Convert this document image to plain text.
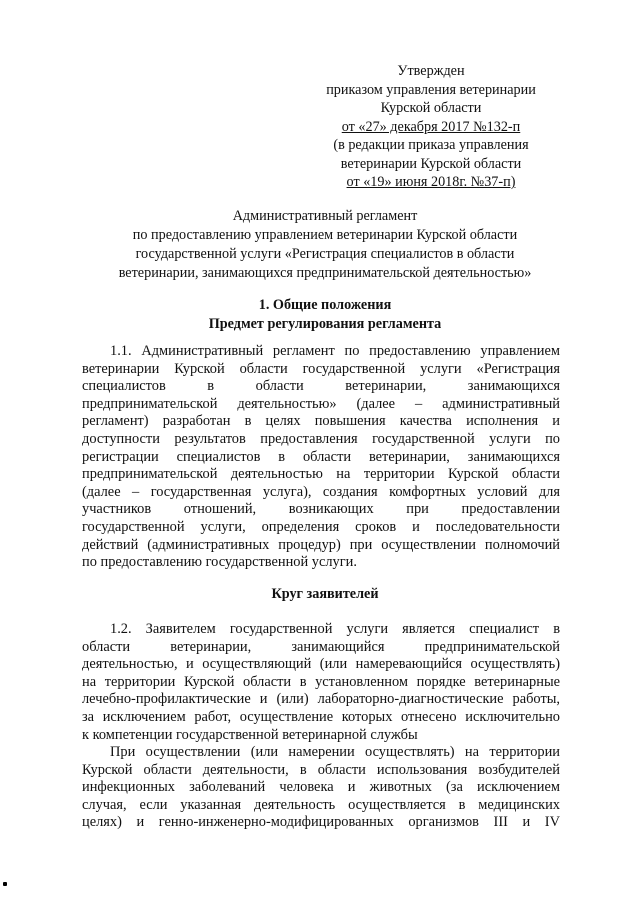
Утвержден
приказом управления ветеринарии
Курской области
от «27» декабря 2017 №132-п
(в редакции приказа управления
ветеринарии Курской области
от «19» июня 2018г. №37-п)
Административный регламент
по предоставлению управлением ветеринарии Курской области
государственной услуги «Регистрация специалистов в области
ветеринарии, занимающихся предпринимательской деятельностью»
1. Общие положения
Предмет регулирования регламента
1.1. Административный регламент по предоставлению управлением
ветеринарии Курской области государственной услуги «Регистрация
специалистов в области ветеринарии, занимающихся
предпринимательской деятельностью» (далее – административный
регламент) разработан в целях повышения качества исполнения и
доступности результатов предоставления государственной услуги по
регистрации специалистов в области ветеринарии, занимающихся
предпринимательской деятельностью на территории Курской области
(далее – государственная услуга), создания комфортных условий для
участников отношений, возникающих при предоставлении
государственной услуги, определения сроков и последовательности
действий (административных процедур) при осуществлении полномочий
по предоставлению государственной услуги.
Круг заявителей
1.2. Заявителем государственной услуги является специалист в
области ветеринарии, занимающийся предпринимательской
деятельностью, и осуществляющий (или намеревающийся осуществлять)
на территории Курской области в установленном порядке ветеринарные
лечебно-профилактические и (или) лабораторно-диагностические работы,
за исключением работ, осуществление которых отнесено исключительно
к компетенции государственной ветеринарной службы
При осуществлении (или намерении осуществлять) на территории
Курской области деятельности, в области использования возбудителей
инфекционных заболеваний человека и животных (за исключением
случая, если указанная деятельность осуществляется в медицинских
целях) и генно-инженерно-модифицированных организмов III и IV
